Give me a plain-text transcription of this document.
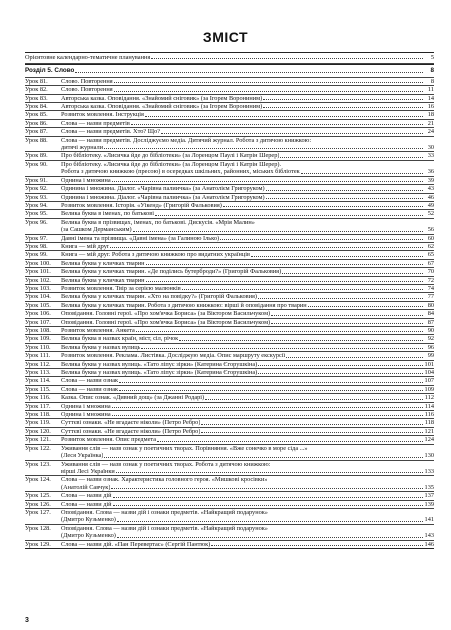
ЗМІСТ
Орієнтовне календарно-тематичне планування	5
Розділ 5. Слово	8
Урок 81.	Слово. Повторення	8
Урок 82.	Слово. Повторення	11
Урок 83.	Авторська казка. Оповідання. «Знайомий сніговик» (за Ігорем Ворониним)	14
Урок 84.	Авторська казка. Оповідання. «Знайомий сніговик» (за Ігорем Ворониним)	16
Урок 85.	Розвиток мовлення. Інструкція	18
Урок 86.	Слова — назви предметів	21
Урок 87.	Слова — назви предметів. Хто? Що?	24
Урок 88.	Слова — назви предметів. Досліджуємо медіа. Дитячий журнал. Робота з дитячою книжкою:
дитячі журнали	30
Урок 89.	Про бібліотеку. «Лисичка йде до бібліотеки» (за Лоренцом Паулі і Катрін Шерер)	33
Урок 90.	Про бібліотеку. «Лисичка йде до бібліотеки» (за Лоренцом Паулі і Катрін Шерер).
Робота з дитячою книжкою (пресою) в осередках шкільних, районних, міських бібліотек	36
Урок 91.	Однина і множина	39
Урок 92.	Одинина і множина. Діалог. «Чарівна палиичка» (за Анатолієм Григоруком)	43
Урок 93.	Одинина і множина. Діалог. «Чарівна палиичка» (за Анатолієм Григоруком)	46
Урок 94.	Розвиток мовлення. Історія. «Уікенд» (Григорій Фальковия)	49
Урок 95.	Велика буква в іменах, по батькові	52
Урок 96.	Велика буква в прізвищах, іменах, по батькові. Дискусія. «Мрія Малин»
(за Сашком Дерманським)	56
Урок 97.	Давні імена та прізвища. «Давні імена» (за Галиною Ілько)	60
Урок 98.	Книга — мій друг	62
Урок 99.	Книга — мій друг. Робота з дитячою книжкою про видатних українців	65
Урок 100.	Велика буква у кличках тварин	67
Урок 101.	Велика буква у кличках тварин. «Де поділись бутерброди?» (Григорій Фальковия)	70
Урок 102.	Велика буква у кличках тварин	72
Урок 103.	Розвиток мовлення. Твір за серією малюнків	74
Урок 104.	Велика буква у кличках тварин. «Хто на повідку?» (Григорій Фальковия)	77
Урок 105.	Велика буква у кличках тварин. Робота з дитячою книжкою: вірші й оповідання про тварин	80
Урок 106.	Оповідання. Головні герої. «Про хом'ячка Бориса» (за Віктором Васильчуком)	84
Урок 107.	Оповідання. Головні герої. «Про хом'ячка Бориса» (за Віктором Васильчуком)	87
Урок 108.	Розвиток мовлення. Анкета	90
Урок 109.	Велика буква в назвах країн, міст, сіл, річок	92
Урок 110.	Велика буква у назвах вулиць	96
Урок 111.	Розвиток мовлення. Реклама. Листівка. Досліджую медіа. Опис маршруту екскурсії	99
Урок 112.	Велика буква у назвах вулиць. «Тато ліпус зірки» (Катерина Єгорушкіна)	101
Урок 113.	Велика буква у назвах вулиць. «Тато ліпус зірки» (Катерина Єгорушкіна)	104
Урок 114.	Слова — назви ознак	107
Урок 115.	Слова — назви ознак	109
Урок 116.	Казка. Опис ознак. «Дивний дощ» (за Джанні Родарі)	112
Урок 117.	Однина і множина	114
Урок 118.	Однина і множина	116
Урок 119.	Суттєві ознаки. «Не вгадаєте ніколи» (Петро Ребро)	118
Урок 120.	Суттєві ознаки. «Не вгадаєте ніколи» (Петро Ребро)	121
Урок 121.	Розвиток мовлення. Опис предмета	124
Урок 122.	Уживання слів — назв ознак у поетичних творах. Порівняння. «Вже сонечко в море сіда ...»
(Леся Українка)	130
Урок 123.	Уживання слів — назв ознак у поетичних творах. Робота з дитячою книжкою:
вірші Лесі Українки	133
Урок 124.	Слова — назви ознак. Характеристика головного героя. «Мишкові кросівки»
(Анатолій Савчук)	135
Урок 125.	Слова — назви дій	137
Урок 126.	Слова — назви дій	139
Урок 127.	Оповідання. Слова — назви дій і ознаки предметів. «Найкращий подарунок»
(Дмитро Кузьменко)	141
Урок 128.	Оповідання. Слова — назви дій і ознаки предметів. «Найкращий подарунок»
(Дмитро Кузьменко)	143
Урок 129.	Слова — назви дій. «Пан Перевертас» (Сергій Пантюк)	146
3
